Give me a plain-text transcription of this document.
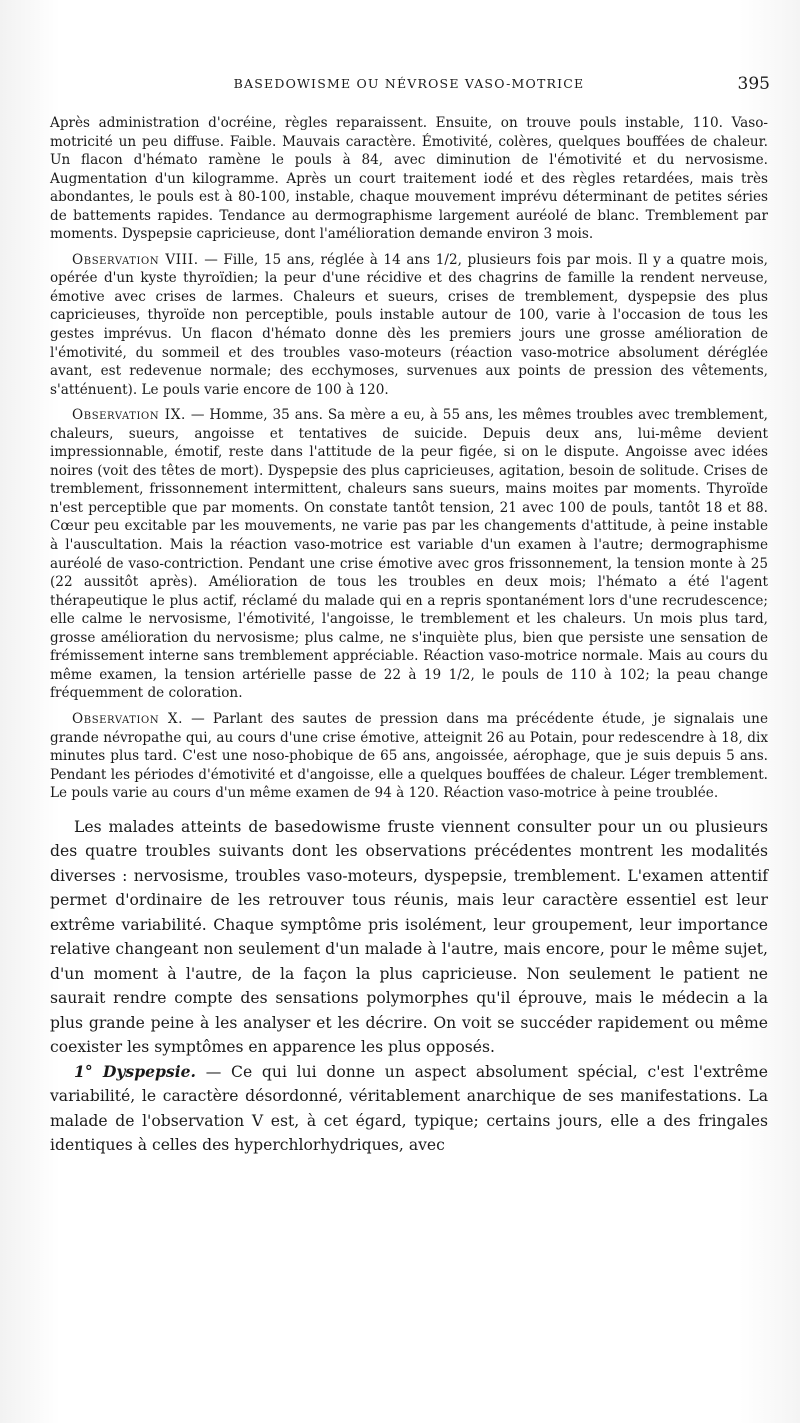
BASEDOWISME OU NÉVROSE VASO-MOTRICE	395

Après administration d'ocréine, règles reparaissent. Ensuite, on trouve pouls instable, 110. Vaso-motricité un peu diffuse. Faible. Mauvais caractère. Émotivité, colères, quelques bouffées de chaleur. Un flacon d'hémato ramène le pouls à 84, avec diminution de l'émotivité et du nervosisme. Augmentation d'un kilogramme. Après un court traitement iodé et des règles retardées, mais très abondantes, le pouls est à 80-100, instable, chaque mouvement imprévu déterminant de petites séries de battements rapides. Tendance au dermographisme largement auréolé de blanc. Tremblement par moments. Dyspepsie capricieuse, dont l'amélioration demande environ 3 mois.

Observation VIII. — Fille, 15 ans, réglée à 14 ans 1/2, plusieurs fois par mois. Il y a quatre mois, opérée d'un kyste thyroïdien; la peur d'une récidive et des chagrins de famille la rendent nerveuse, émotive avec crises de larmes. Chaleurs et sueurs, crises de tremblement, dyspepsie des plus capricieuses, thyroïde non perceptible, pouls instable autour de 100, varie à l'occasion de tous les gestes imprévus. Un flacon d'hémato donne dès les premiers jours une grosse amélioration de l'émotivité, du sommeil et des troubles vaso-moteurs (réaction vaso-motrice absolument déréglée avant, est redevenue normale; des ecchymoses, survenues aux points de pression des vêtements, s'atténuent). Le pouls varie encore de 100 à 120.

Observation IX. — Homme, 35 ans. Sa mère a eu, à 55 ans, les mêmes troubles avec tremblement, chaleurs, sueurs, angoisse et tentatives de suicide. Depuis deux ans, lui-même devient impressionnable, émotif, reste dans l'attitude de la peur figée, si on le dispute. Angoisse avec idées noires (voit des têtes de mort). Dyspepsie des plus capricieuses, agitation, besoin de solitude. Crises de tremblement, frissonnement intermittent, chaleurs sans sueurs, mains moites par moments. Thyroïde n'est perceptible que par moments. On constate tantôt tension, 21 avec 100 de pouls, tantôt 18 et 88. Cœur peu excitable par les mouvements, ne varie pas par les changements d'attitude, à peine instable à l'auscultation. Mais la réaction vaso-motrice est variable d'un examen à l'autre; dermographisme auréolé de vaso-contriction. Pendant une crise émotive avec gros frissonnement, la tension monte à 25 (22 aussitôt après). Amélioration de tous les troubles en deux mois; l'hémato a été l'agent thérapeutique le plus actif, réclamé du malade qui en a repris spontanément lors d'une recrudescence; elle calme le nervosisme, l'émotivité, l'angoisse, le tremblement et les chaleurs. Un mois plus tard, grosse amélioration du nervosisme; plus calme, ne s'inquiète plus, bien que persiste une sensation de frémissement interne sans tremblement appréciable. Réaction vaso-motrice normale. Mais au cours du même examen, la tension artérielle passe de 22 à 19 1/2, le pouls de 110 à 102; la peau change fréquemment de coloration.

Observation X. — Parlant des sautes de pression dans ma précédente étude, je signalais une grande névropathe qui, au cours d'une crise émotive, atteignit 26 au Potain, pour redescendre à 18, dix minutes plus tard. C'est une noso-phobique de 65 ans, angoissée, aérophage, que je suis depuis 5 ans. Pendant les périodes d'émotivité et d'angoisse, elle a quelques bouffées de chaleur. Léger tremblement. Le pouls varie au cours d'un même examen de 94 à 120. Réaction vaso-motrice à peine troublée.

Les malades atteints de basedowisme fruste viennent consulter pour un ou plusieurs des quatre troubles suivants dont les observations précédentes montrent les modalités diverses : nervosisme, troubles vaso-moteurs, dyspepsie, tremblement. L'examen attentif permet d'ordinaire de les retrouver tous réunis, mais leur caractère essentiel est leur extrême variabilité. Chaque symptôme pris isolément, leur groupement, leur importance relative changeant non seulement d'un malade à l'autre, mais encore, pour le même sujet, d'un moment à l'autre, de la façon la plus capricieuse. Non seulement le patient ne saurait rendre compte des sensations polymorphes qu'il éprouve, mais le médecin a la plus grande peine à les analyser et les décrire. On voit se succéder rapidement ou même coexister les symptômes en apparence les plus opposés.

1° Dyspepsie. — Ce qui lui donne un aspect absolument spécial, c'est l'extrême variabilité, le caractère désordonné, véritablement anarchique de ses manifestations. La malade de l'observation V est, à cet égard, typique; certains jours, elle a des fringales identiques à celles des hyperchlorhydriques, avec
